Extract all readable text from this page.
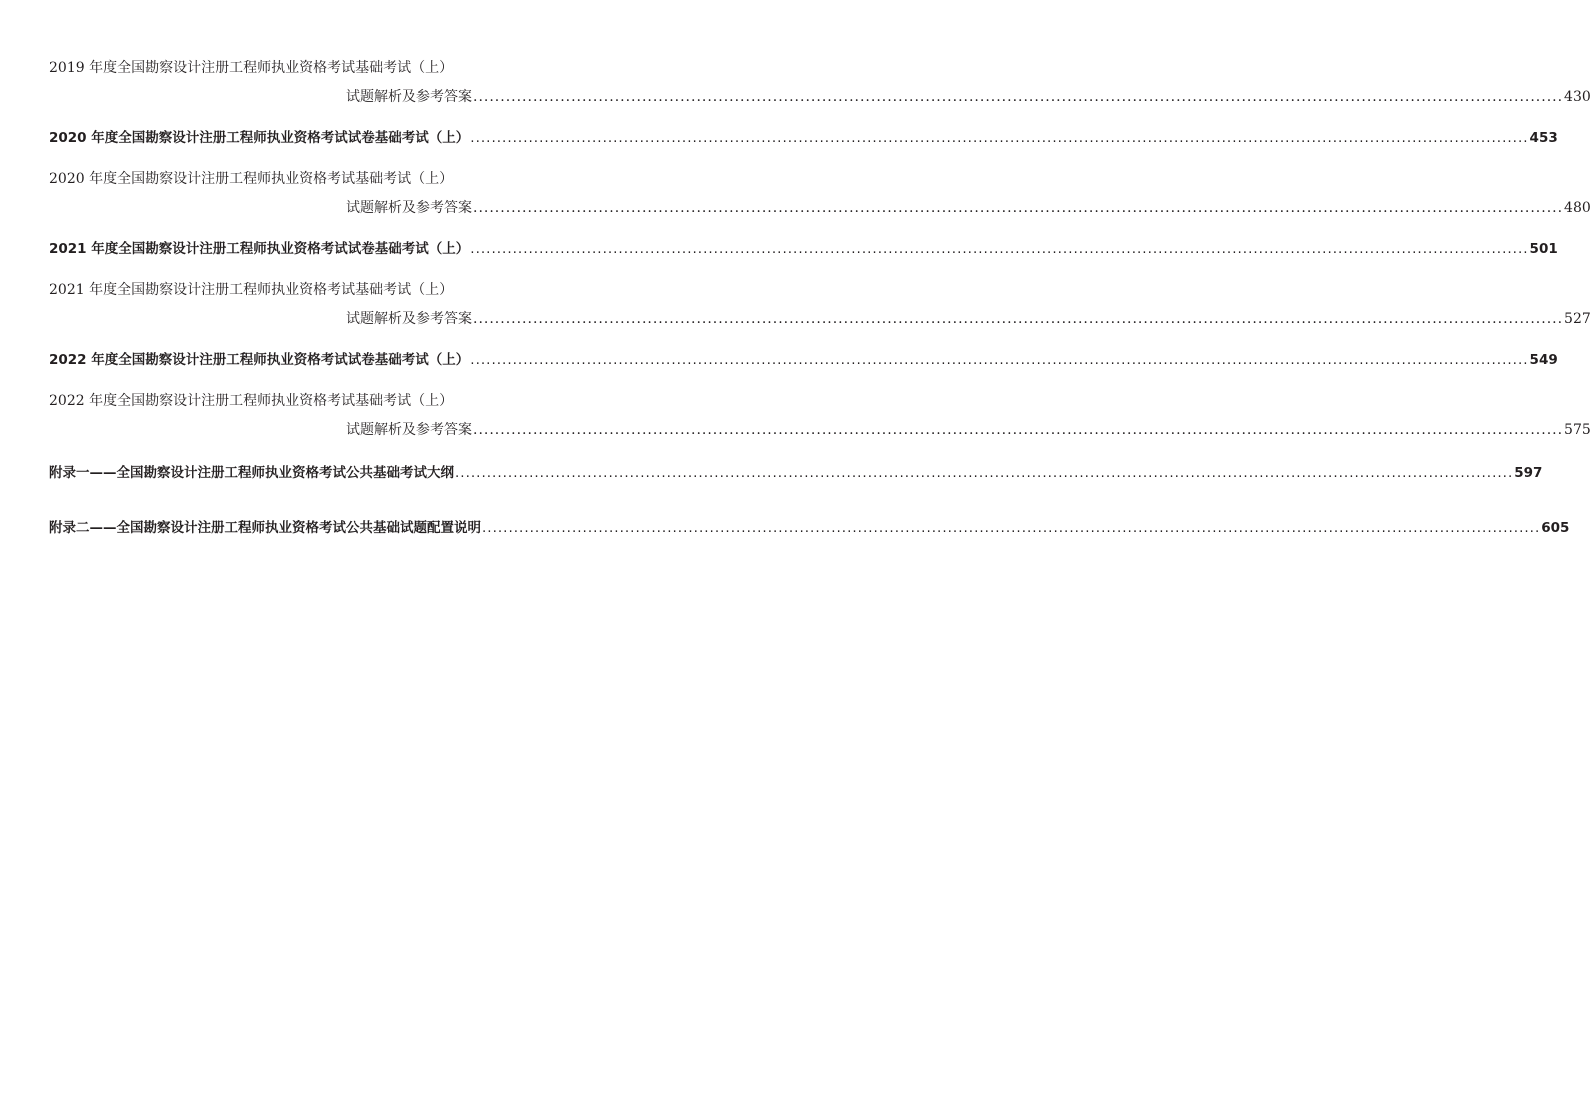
2019 年度全国勘察设计注册工程师执业资格考试基础考试（上）
试题解析及参考答案 ........................................................................................................................................................................................................ 430
2020 年度全国勘察设计注册工程师执业资格考试试卷基础考试（上） ........................................................................................................................................................................................................ 453
2020 年度全国勘察设计注册工程师执业资格考试基础考试（上）
试题解析及参考答案 ........................................................................................................................................................................................................ 480
2021 年度全国勘察设计注册工程师执业资格考试试卷基础考试（上） ........................................................................................................................................................................................................ 501
2021 年度全国勘察设计注册工程师执业资格考试基础考试（上）
试题解析及参考答案 ........................................................................................................................................................................................................ 527
2022 年度全国勘察设计注册工程师执业资格考试试卷基础考试（上） ........................................................................................................................................................................................................ 549
2022 年度全国勘察设计注册工程师执业资格考试基础考试（上）
试题解析及参考答案 ........................................................................................................................................................................................................ 575
附录一——全国勘察设计注册工程师执业资格考试公共基础考试大纲 ........................................................................................................................................................................................................ 597
附录二——全国勘察设计注册工程师执业资格考试公共基础试题配置说明 ........................................................................................................................................................................................................ 605
